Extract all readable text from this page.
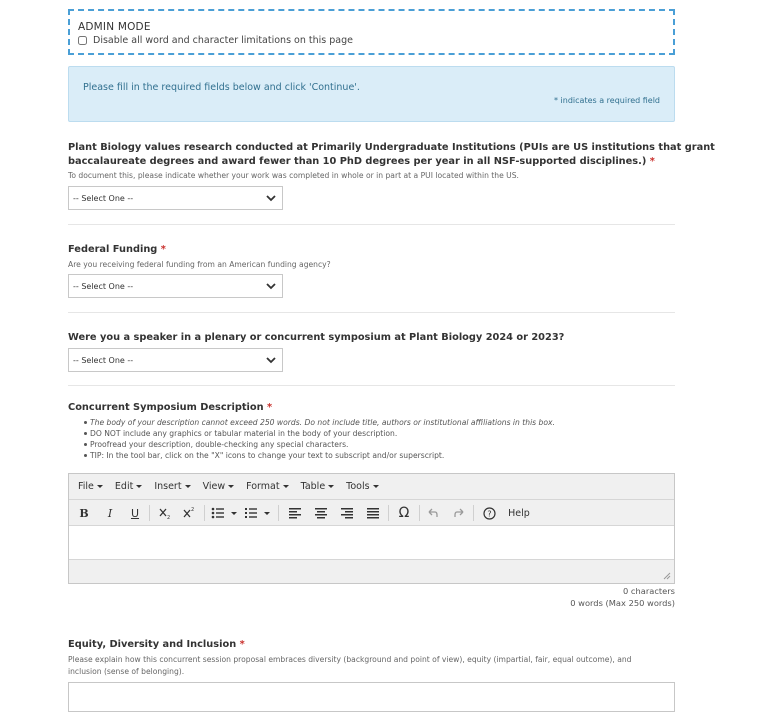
ADMIN MODE
Disable all word and character limitations on this page
Please fill in the required fields below and click 'Continue'.
* indicates a required field
Plant Biology values research conducted at Primarily Undergraduate Institutions (PUIs are US institutions that grant
baccalaureate degrees and award fewer than 10 PhD degrees per year in all NSF-supported disciplines.) *
To document this, please indicate whether your work was completed in whole or in part at a PUI located within the US.
-- Select One --
Federal Funding *
Are you receiving federal funding from an American funding agency?
-- Select One --
Were you a speaker in a plenary or concurrent symposium at Plant Biology 2024 or 2023?
-- Select One --
Concurrent Symposium Description *
The body of your description cannot exceed 250 words. Do not include title, authors or institutional affiliations in this box.
DO NOT include any graphics or tabular material in the body of your description.
Proofread your description, double-checking any special characters.
TIP: In the tool bar, click on the "X" icons to change your text to subscript and/or superscript.
File Edit Insert View Format Table Tools
B	I	U	2
2	Ω	?	Help
0 characters
0 words (Max 250 words)
Equity, Diversity and Inclusion *
Please explain how this concurrent session proposal embraces diversity (background and point of view), equity (impartial, fair, equal outcome), and
inclusion (sense of belonging).
